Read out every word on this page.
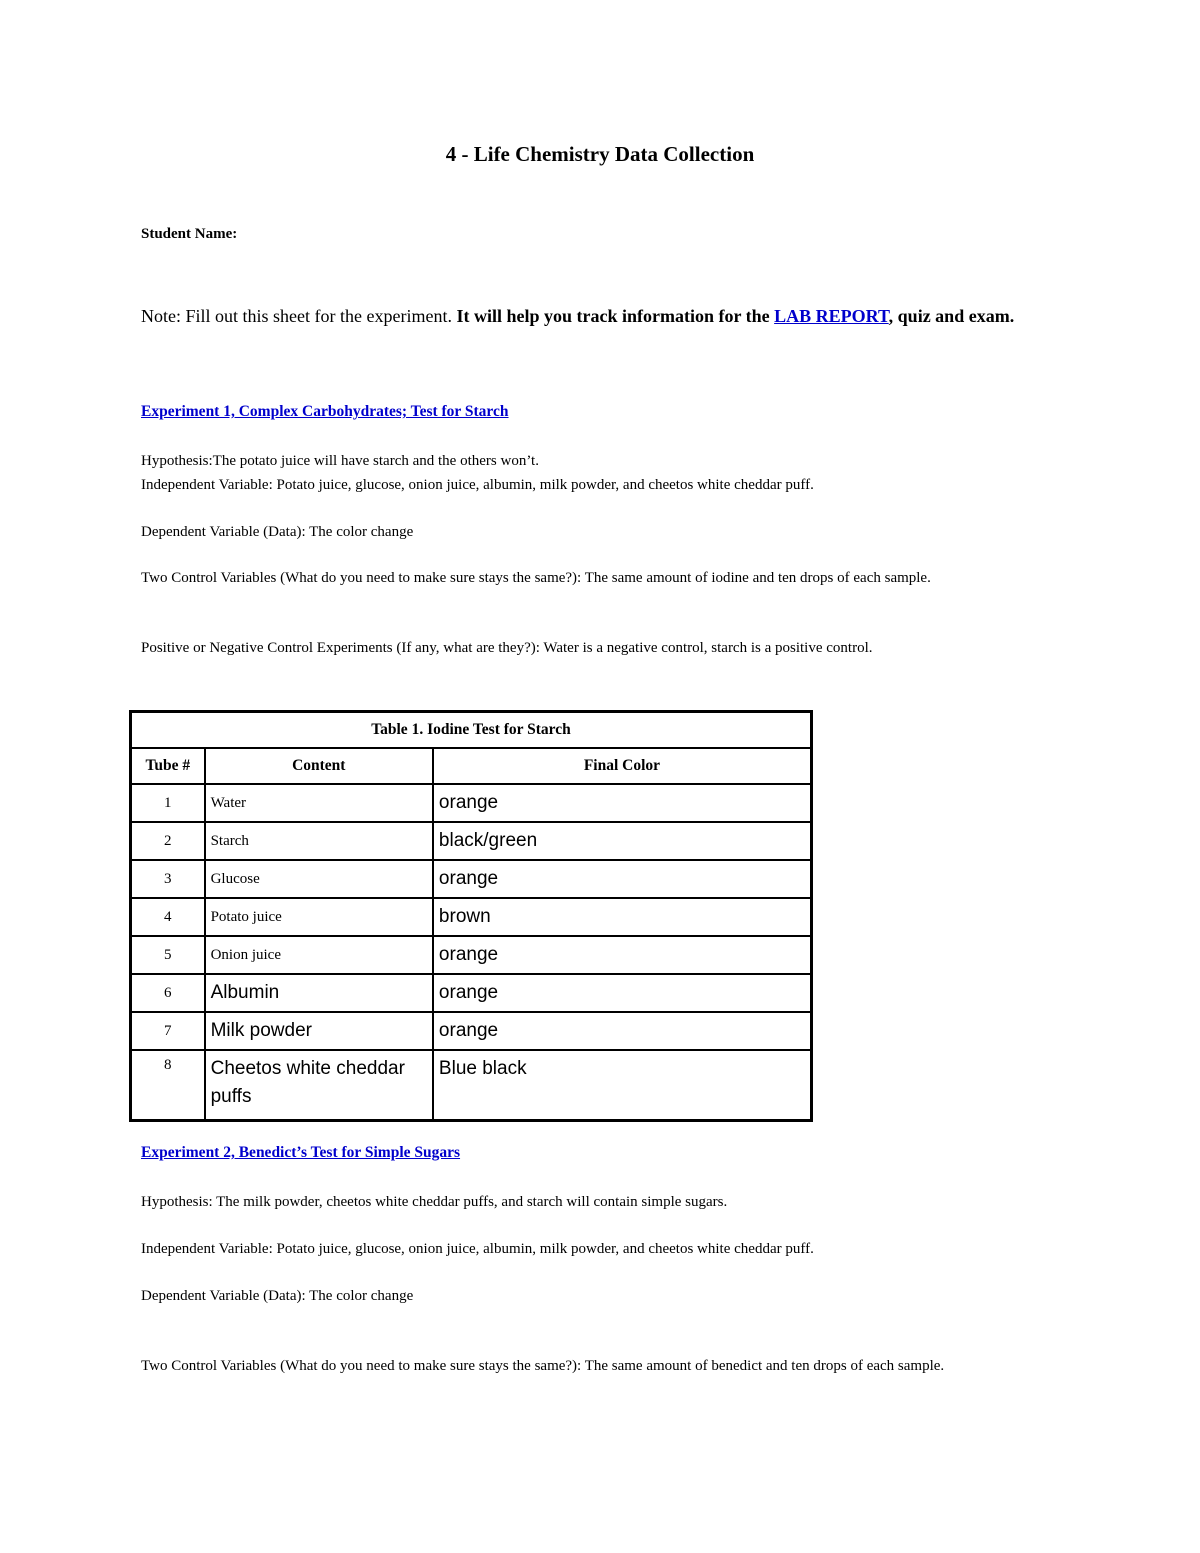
4 - Life Chemistry Data Collection
Student Name:
Note: Fill out this sheet for the experiment. It will help you track information for the LAB REPORT, quiz and exam.
Experiment 1, Complex Carbohydrates; Test for Starch
Hypothesis:The potato juice will have starch and the others won’t.
Independent Variable: Potato juice, glucose, onion juice, albumin, milk powder, and cheetos white cheddar puff.
Dependent Variable (Data): The color change
Two Control Variables (What do you need to make sure stays the same?): The same amount of iodine and ten drops of each sample.
Positive or Negative Control Experiments (If any, what are they?): Water is a negative control, starch is a positive control.
Table 1. Iodine Test for Starch		
Tube #	Content	Final Color
1	Water	orange
2	Starch	black/green
3	Glucose	orange
4	Potato juice	brown
5	Onion juice	orange
6	Albumin	orange
7	Milk powder	orange
8	Cheetos white cheddar puffs	Blue black
Experiment 2, Benedict’s Test for Simple Sugars
Hypothesis: The milk powder, cheetos white cheddar puffs, and starch will contain simple sugars.
Independent Variable: Potato juice, glucose, onion juice, albumin, milk powder, and cheetos white cheddar puff.
Dependent Variable (Data): The color change
Two Control Variables (What do you need to make sure stays the same?): The same amount of benedict and ten drops of each sample.
